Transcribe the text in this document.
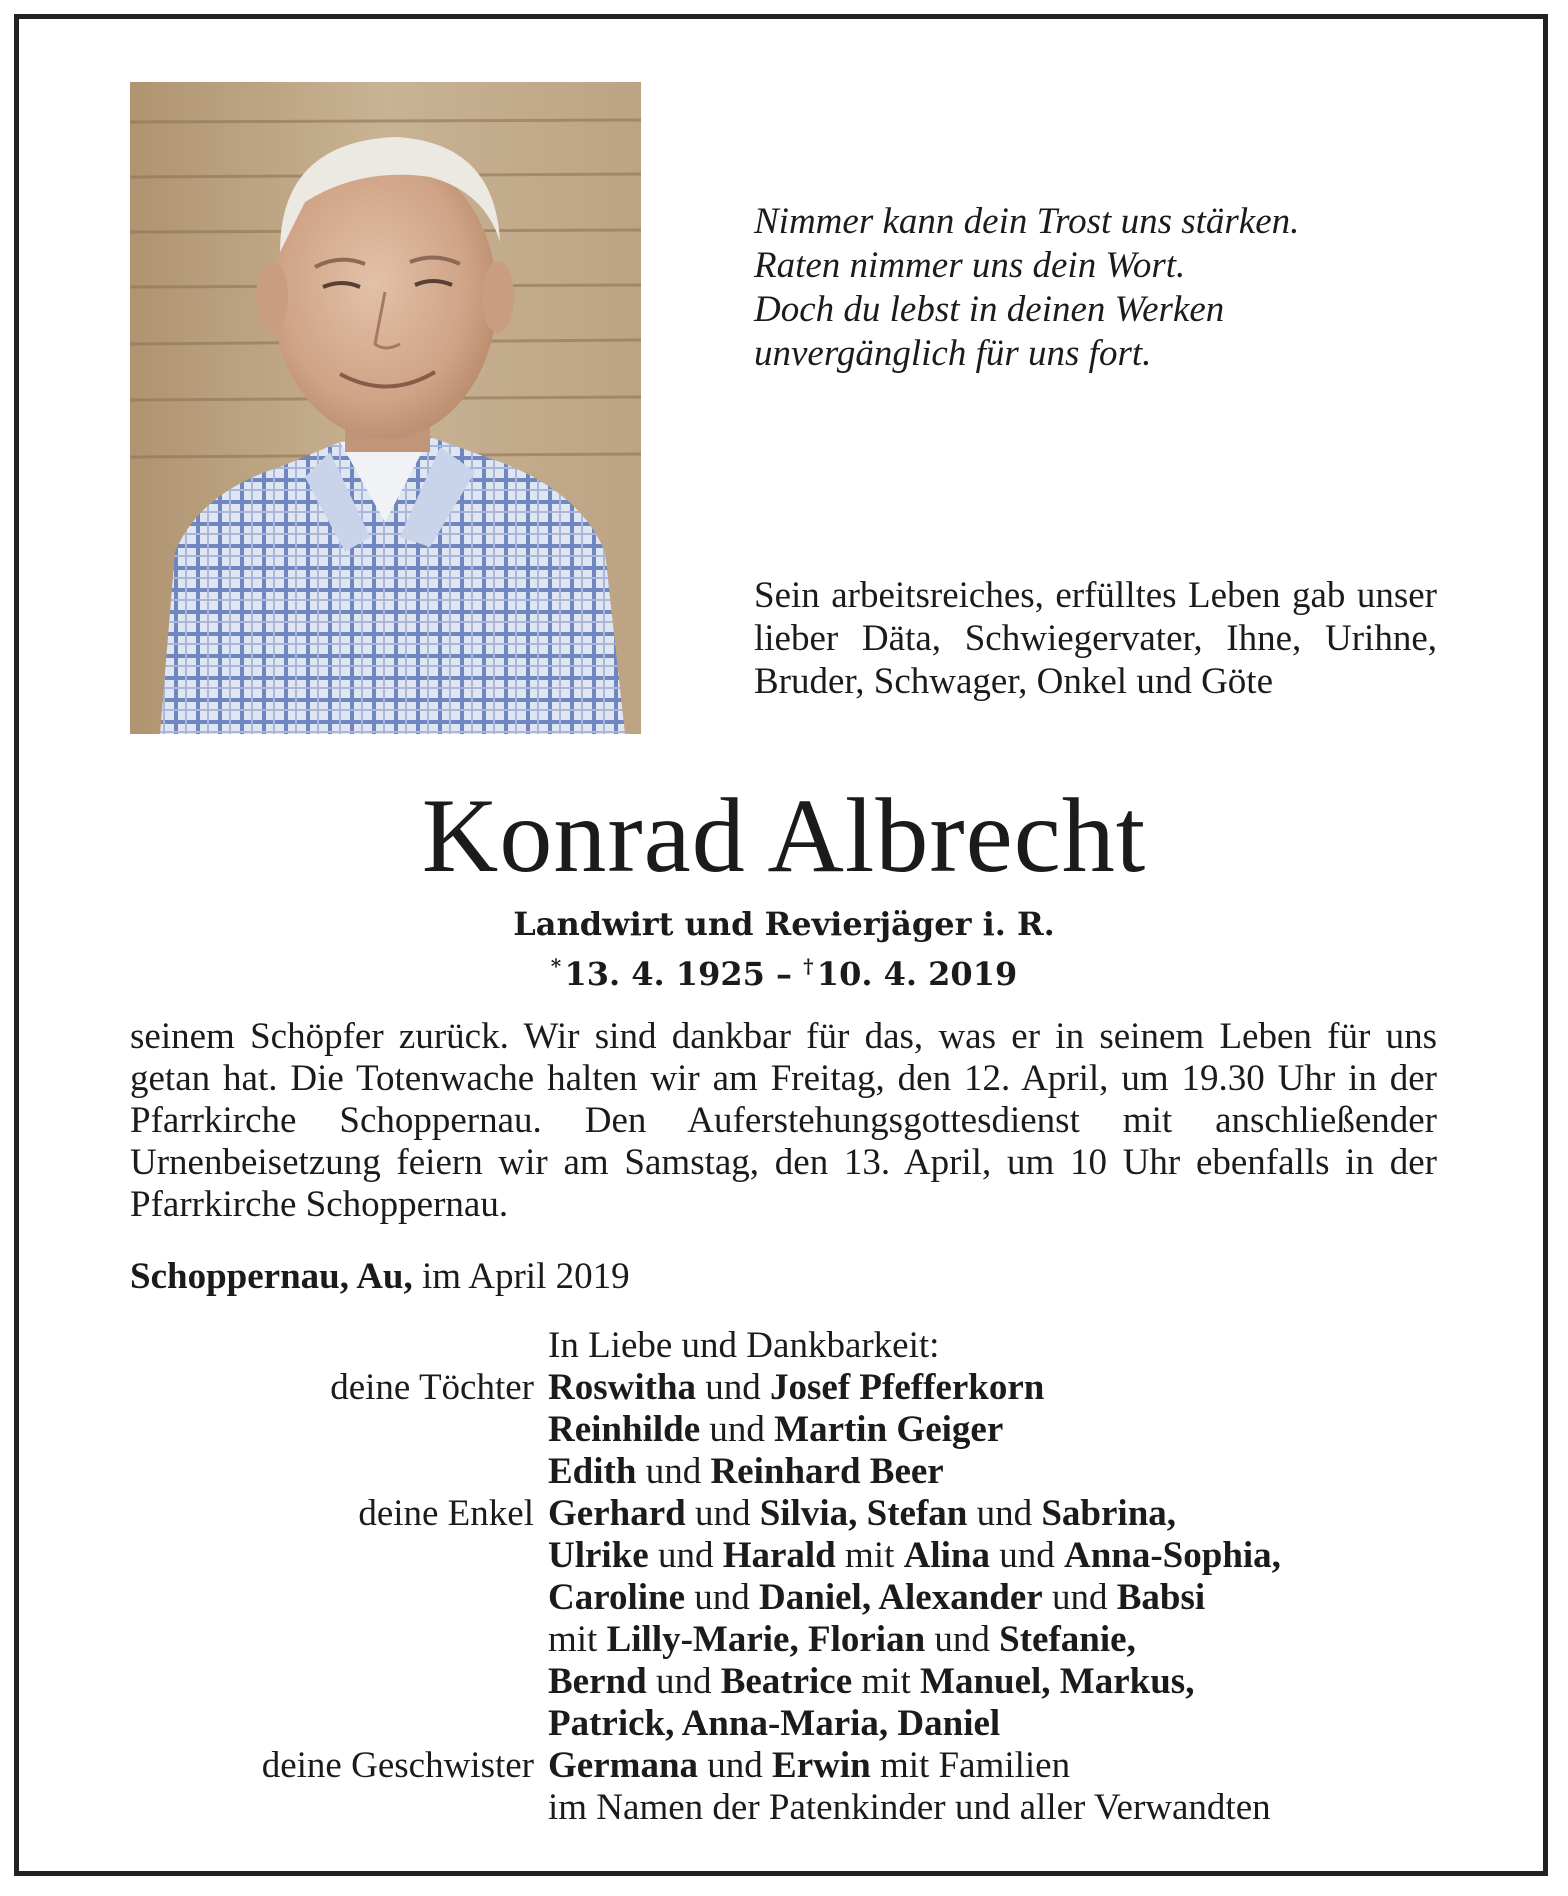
Nimmer kann dein Trost uns stärken.
Raten nimmer uns dein Wort.
Doch du lebst in deinen Werken
unvergänglich für uns fort.
Sein arbeitsreiches, erfülltes Leben gab unser lieber Däta, Schwiegervater, Ihne, Urihne, Bruder, Schwager, Onkel und Göte
Konrad Albrecht
Landwirt und Revierjäger i. R.
* 13. 4. 1925 – † 10. 4. 2019
seinem Schöpfer zurück. Wir sind dankbar für das, was er in seinem Leben für uns getan hat. Die Totenwache halten wir am Freitag, den 12. April, um 19.30 Uhr in der Pfarrkirche Schoppernau. Den Auferstehungsgottesdienst mit anschließender Urnenbeisetzung feiern wir am Samstag, den 13. April, um 10 Uhr ebenfalls in der Pfarrkirche Schoppernau.
Schoppernau, Au, im April 2019
In Liebe und Dankbarkeit:
deine Töchter Roswitha und Josef Pfefferkorn
Reinhilde und Martin Geiger
Edith und Reinhard Beer
deine Enkel Gerhard und Silvia, Stefan und Sabrina,
Ulrike und Harald mit Alina und Anna-Sophia,
Caroline und Daniel, Alexander und Babsi
mit Lilly-Marie, Florian und Stefanie,
Bernd und Beatrice mit Manuel, Markus,
Patrick, Anna-Maria, Daniel
deine Geschwister Germana und Erwin mit Familien
im Namen der Patenkinder und aller Verwandten
